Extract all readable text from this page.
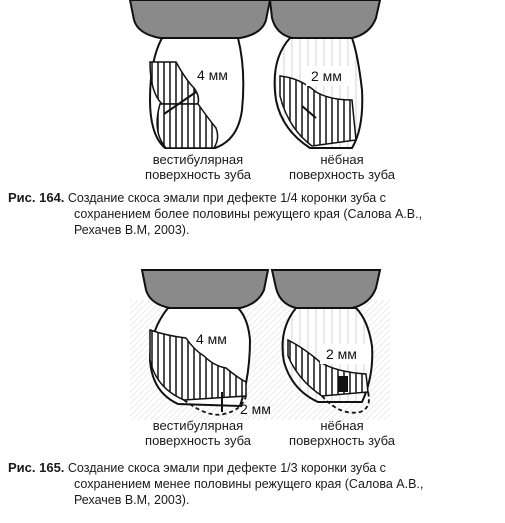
4 мм	2 мм
4 мм
2 мм
2 мм
вестибулярная
поверхность зуба
нёбная
поверхность зуба
Рис. 164. Создание скоса эмали при дефекте 1/4 коронки зуба с
сохранением более половины режущего края (Салова А.В.,
Рехачев В.М, 2003).
вестибулярная
поверхность зуба
нёбная
поверхность зуба
Рис. 165. Создание скоса эмали при дефекте 1/3 коронки зуба с
сохранением менее половины режущего края (Салова А.В.,
Рехачев В.М, 2003).
